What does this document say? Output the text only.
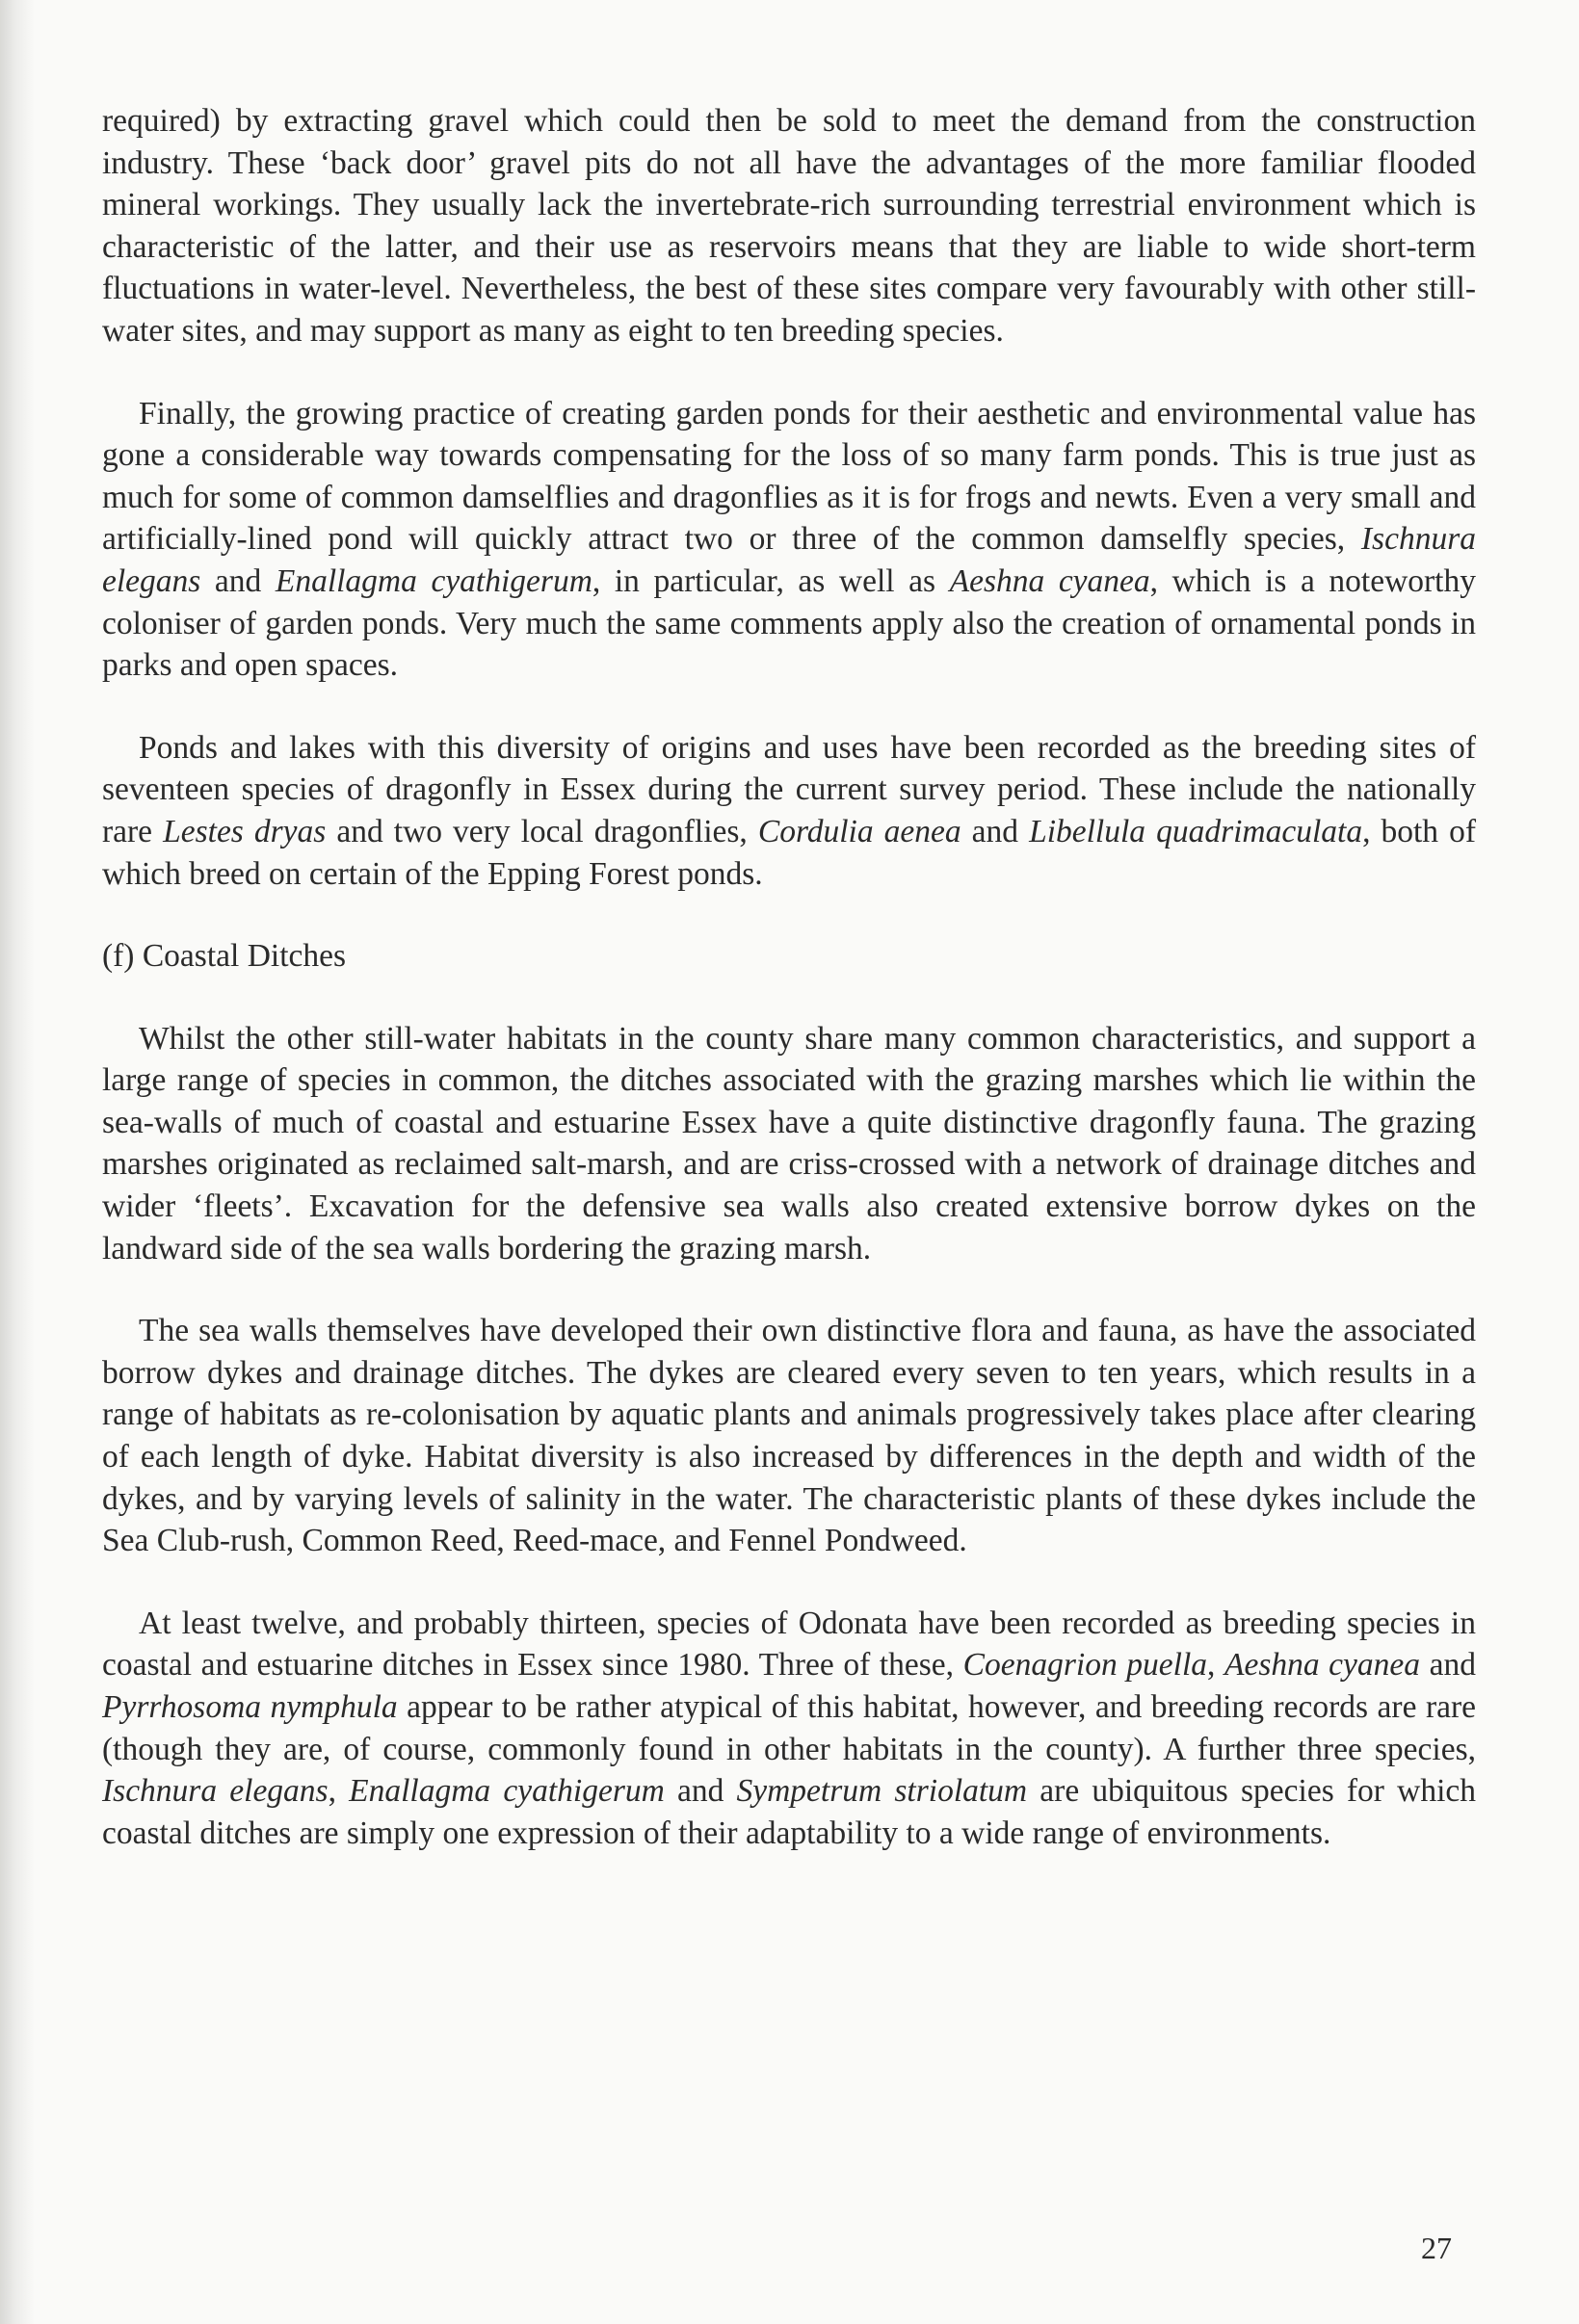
required) by extracting gravel which could then be sold to meet the demand from the construction industry. These ‘back door’ gravel pits do not all have the advantages of the more familiar flooded mineral workings. They usually lack the invertebrate-rich surrounding terrestrial environment which is characteristic of the latter, and their use as reservoirs means that they are liable to wide short-term fluctuations in water-level. Nevertheless, the best of these sites compare very favourably with other still-water sites, and may support as many as eight to ten breeding species.

Finally, the growing practice of creating garden ponds for their aesthetic and environmental value has gone a considerable way towards compensating for the loss of so many farm ponds. This is true just as much for some of common damselflies and dragonflies as it is for frogs and newts. Even a very small and artificially-lined pond will quickly attract two or three of the common damselfly species, Ischnura elegans and Enallagma cyathigerum, in particular, as well as Aeshna cyanea, which is a noteworthy coloniser of garden ponds. Very much the same comments apply also the creation of ornamental ponds in parks and open spaces.

Ponds and lakes with this diversity of origins and uses have been recorded as the breeding sites of seventeen species of dragonfly in Essex during the current survey period. These include the nationally rare Lestes dryas and two very local dragonflies, Cordulia aenea and Libellula quadrimaculata, both of which breed on certain of the Epping Forest ponds.

(f) Coastal Ditches

Whilst the other still-water habitats in the county share many common characteristics, and support a large range of species in common, the ditches associated with the grazing marshes which lie within the sea-walls of much of coastal and estuarine Essex have a quite distinctive dragonfly fauna. The grazing marshes originated as reclaimed salt-marsh, and are criss-crossed with a network of drainage ditches and wider ‘fleets’. Excavation for the defensive sea walls also created extensive borrow dykes on the landward side of the sea walls bordering the grazing marsh.

The sea walls themselves have developed their own distinctive flora and fauna, as have the associated borrow dykes and drainage ditches. The dykes are cleared every seven to ten years, which results in a range of habitats as re-colonisation by aquatic plants and animals progressively takes place after clearing of each length of dyke. Habitat diversity is also increased by differences in the depth and width of the dykes, and by varying levels of salinity in the water. The characteristic plants of these dykes include the Sea Club-rush, Common Reed, Reed-mace, and Fennel Pondweed.

At least twelve, and probably thirteen, species of Odonata have been recorded as breeding species in coastal and estuarine ditches in Essex since 1980. Three of these, Coenagrion puella, Aeshna cyanea and Pyrrhosoma nymphula appear to be rather atypical of this habitat, however, and breeding records are rare (though they are, of course, commonly found in other habitats in the county). A further three species, Ischnura elegans, Enallagma cyathigerum and Sympetrum striolatum are ubiquitous species for which coastal ditches are simply one expression of their adaptability to a wide range of environments.

27
